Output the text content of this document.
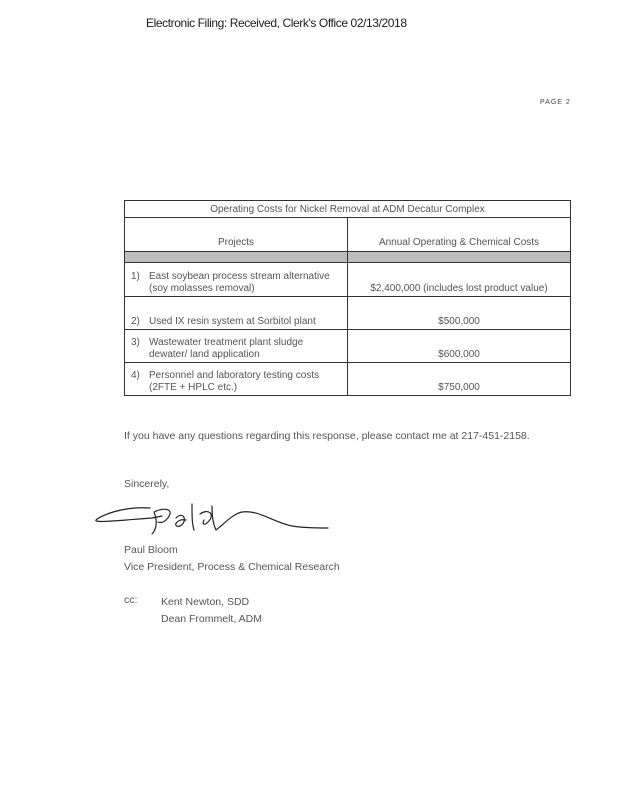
Electronic Filing: Received, Clerk's Office 02/13/2018
PAGE 2
Operating Costs for Nickel Removal at ADM Decatur Complex	
Projects	Annual Operating & Chemical Costs

1) East soybean process stream alternative
(soy molasses removal)	$2,400,000 (includes lost product value)

2) Used IX resin system at Sorbitol plant	$500,000

3) Wastewater treatment plant sludge
dewater/ land application	$600,000

4) Personnel and laboratory testing costs
(2FTE + HPLC etc.)	$750,000
If you have any questions regarding this response, please contact me at 217-451-2158.
Sincerely,
Paul Bloom
Vice President, Process & Chemical Research
cc: Kent Newton, SDD
Dean Frommelt, ADM
